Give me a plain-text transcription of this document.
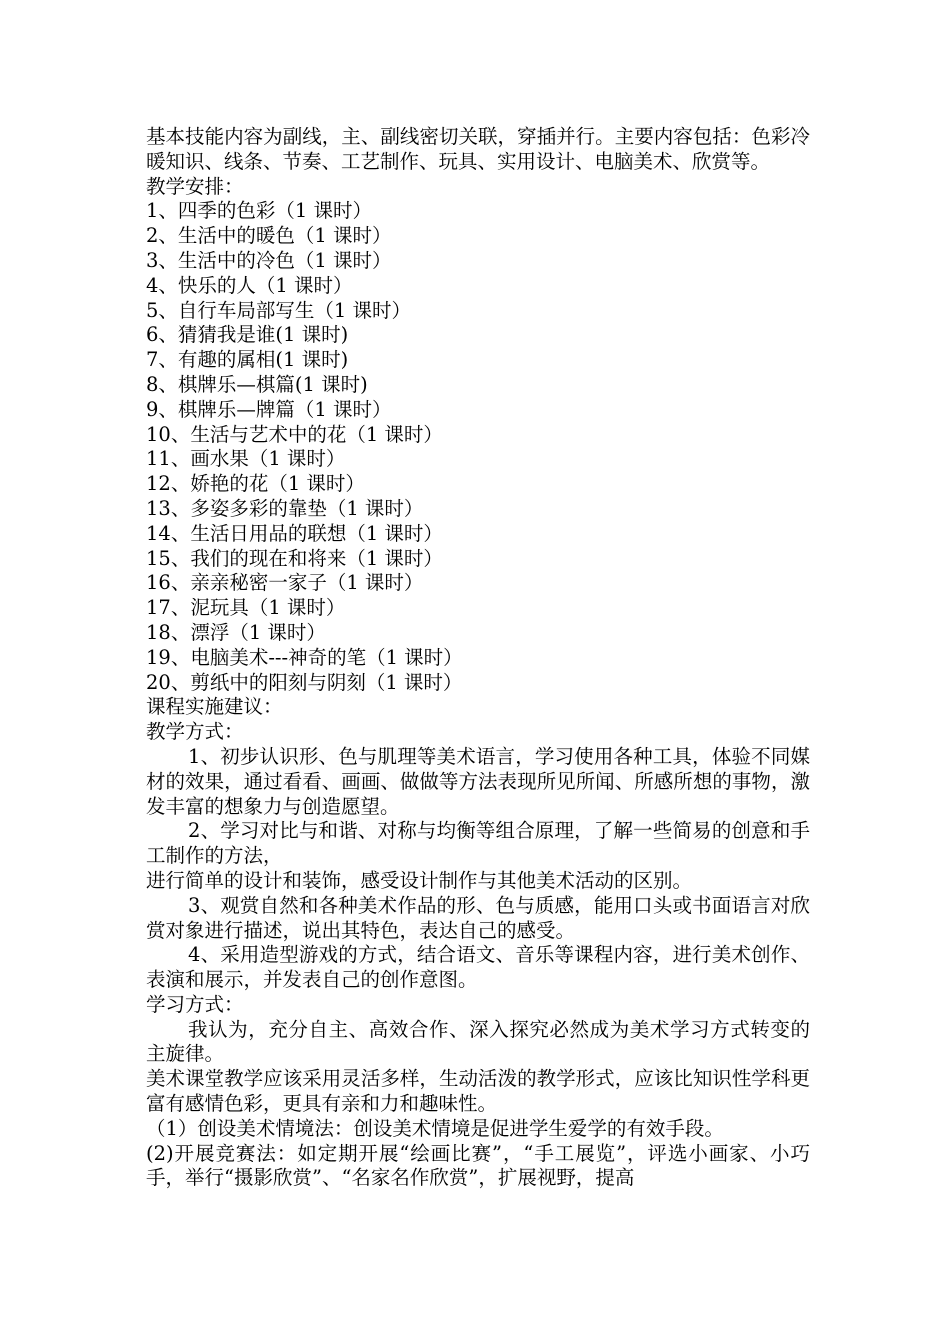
基本技能内容为副线，主、副线密切关联，穿插并行。主要内容包括：色彩冷暖知识、线条、节奏、工艺制作、玩具、实用设计、电脑美术、欣赏等。

教学安排：

1、四季的色彩（1 课时）
2、生活中的暖色（1 课时）
3、生活中的冷色（1 课时）
4、快乐的人（1 课时）
5、自行车局部写生（1 课时）
6、猜猜我是谁(1 课时)
7、有趣的属相(1 课时)
8、棋牌乐—棋篇(1 课时)
9、棋牌乐—牌篇（1 课时）
10、生活与艺术中的花（1 课时）
11、画水果（1 课时）
12、娇艳的花（1 课时）
13、多姿多彩的靠垫（1 课时）
14、生活日用品的联想（1 课时）
15、我们的现在和将来（1 课时）
16、亲亲秘密一家子（1 课时）
17、泥玩具（1 课时）
18、漂浮（1 课时）
19、电脑美术---神奇的笔（1 课时）
20、剪纸中的阳刻与阴刻（1 课时）

课程实施建议：

教学方式：

1、初步认识形、色与肌理等美术语言，学习使用各种工具，体验不同媒材的效果，通过看看、画画、做做等方法表现所见所闻、所感所想的事物，激发丰富的想象力与创造愿望。

2、学习对比与和谐、对称与均衡等组合原理，了解一些简易的创意和手工制作的方法，

进行简单的设计和装饰，感受设计制作与其他美术活动的区别。

3、观赏自然和各种美术作品的形、色与质感，能用口头或书面语言对欣赏对象进行描述，说出其特色，表达自己的感受。

4、采用造型游戏的方式，结合语文、音乐等课程内容，进行美术创作、表演和展示，并发表自己的创作意图。

学习方式：

我认为，充分自主、高效合作、深入探究必然成为美术学习方式转变的主旋律。

美术课堂教学应该采用灵活多样，生动活泼的教学形式，应该比知识性学科更富有感情色彩，更具有亲和力和趣味性。

（1）创设美术情境法：创设美术情境是促进学生爱学的有效手段。

(2)开展竞赛法：如定期开展“绘画比赛”，“手工展览”，评选小画家、小巧手，举行“摄影欣赏”、“名家名作欣赏”，扩展视野，提高
